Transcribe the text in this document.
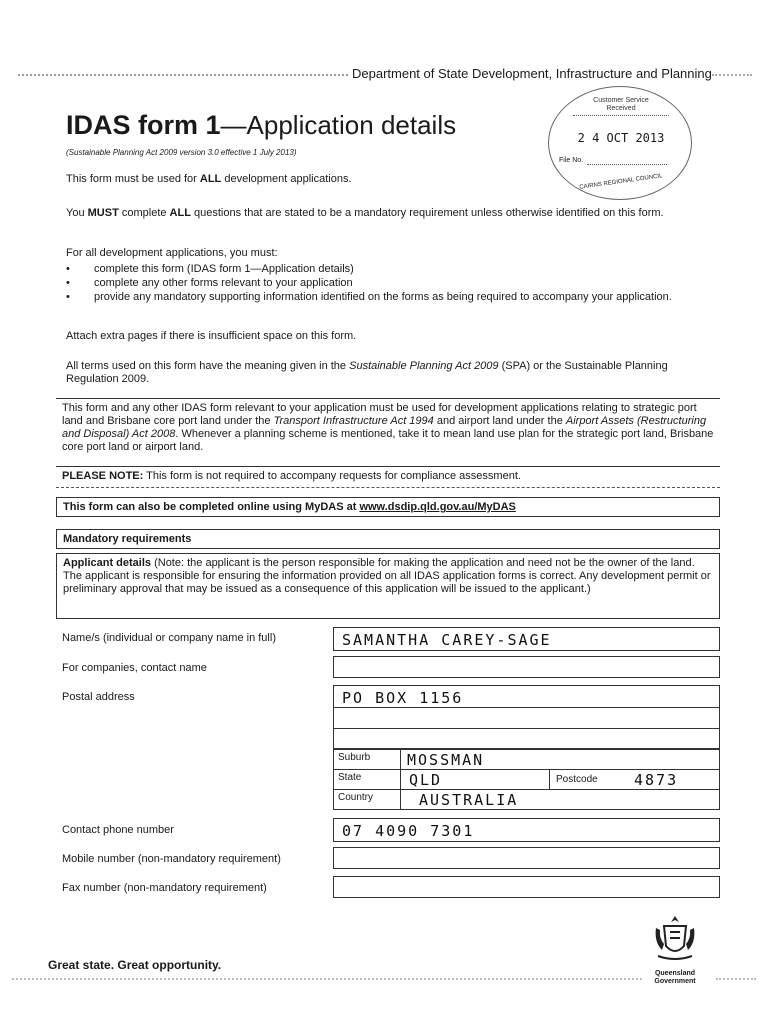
Department of State Development, Infrastructure and Planning
Customer Service Received
2 4 OCT 2013
File No.
CAIRNS REGIONAL COUNCIL
IDAS form 1—Application details
(Sustainable Planning Act 2009 version 3.0 effective 1 July 2013)
This form must be used for ALL development applications.
You MUST complete ALL questions that are stated to be a mandatory requirement unless otherwise identified on this form.
For all development applications, you must:
• complete this form (IDAS form 1—Application details)
• complete any other forms relevant to your application
• provide any mandatory supporting information identified on the forms as being required to accompany your application.
Attach extra pages if there is insufficient space on this form.
All terms used on this form have the meaning given in the Sustainable Planning Act 2009 (SPA) or the Sustainable Planning Regulation 2009.
This form and any other IDAS form relevant to your application must be used for development applications relating to strategic port land and Brisbane core port land under the Transport Infrastructure Act 1994 and airport land under the Airport Assets (Restructuring and Disposal) Act 2008. Whenever a planning scheme is mentioned, take it to mean land use plan for the strategic port land, Brisbane core port land or airport land.
PLEASE NOTE: This form is not required to accompany requests for compliance assessment.
This form can also be completed online using MyDAS at www.dsdip.qld.gov.au/MyDAS
Mandatory requirements
Applicant details (Note: the applicant is the person responsible for making the application and need not be the owner of the land. The applicant is responsible for ensuring the information provided on all IDAS application forms is correct. Any development permit or preliminary approval that may be issued as a consequence of this application will be issued to the applicant.)
Name/s (individual or company name in full)	SAMANTHA CAREY-SAGE
For companies, contact name
Postal address	PO BOX 1156
Suburb	MOSSMAN
State	QLD	Postcode 4873
Country	AUSTRALIA
Contact phone number	07 4090 7301
Mobile number (non-mandatory requirement)
Fax number (non-mandatory requirement)
Great state. Great opportunity.
Queensland
Government
